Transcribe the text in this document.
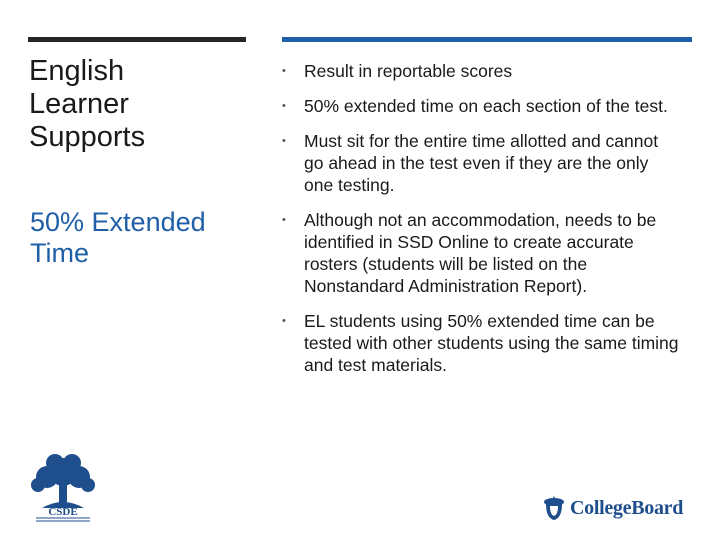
English
Learner
Supports
50% Extended
Time
• Result in reportable scores
• 50% extended time on each section of the test.
• Must sit for the entire time allotted and cannot go ahead in the test even if they are the only one testing.
• Although not an accommodation, needs to be identified in SSD Online to create accurate rosters (students will be listed on the Nonstandard Administration Report).
• EL students using 50% extended time can be tested with other students using the same timing and test materials.
CSDE	CollegeBoard
